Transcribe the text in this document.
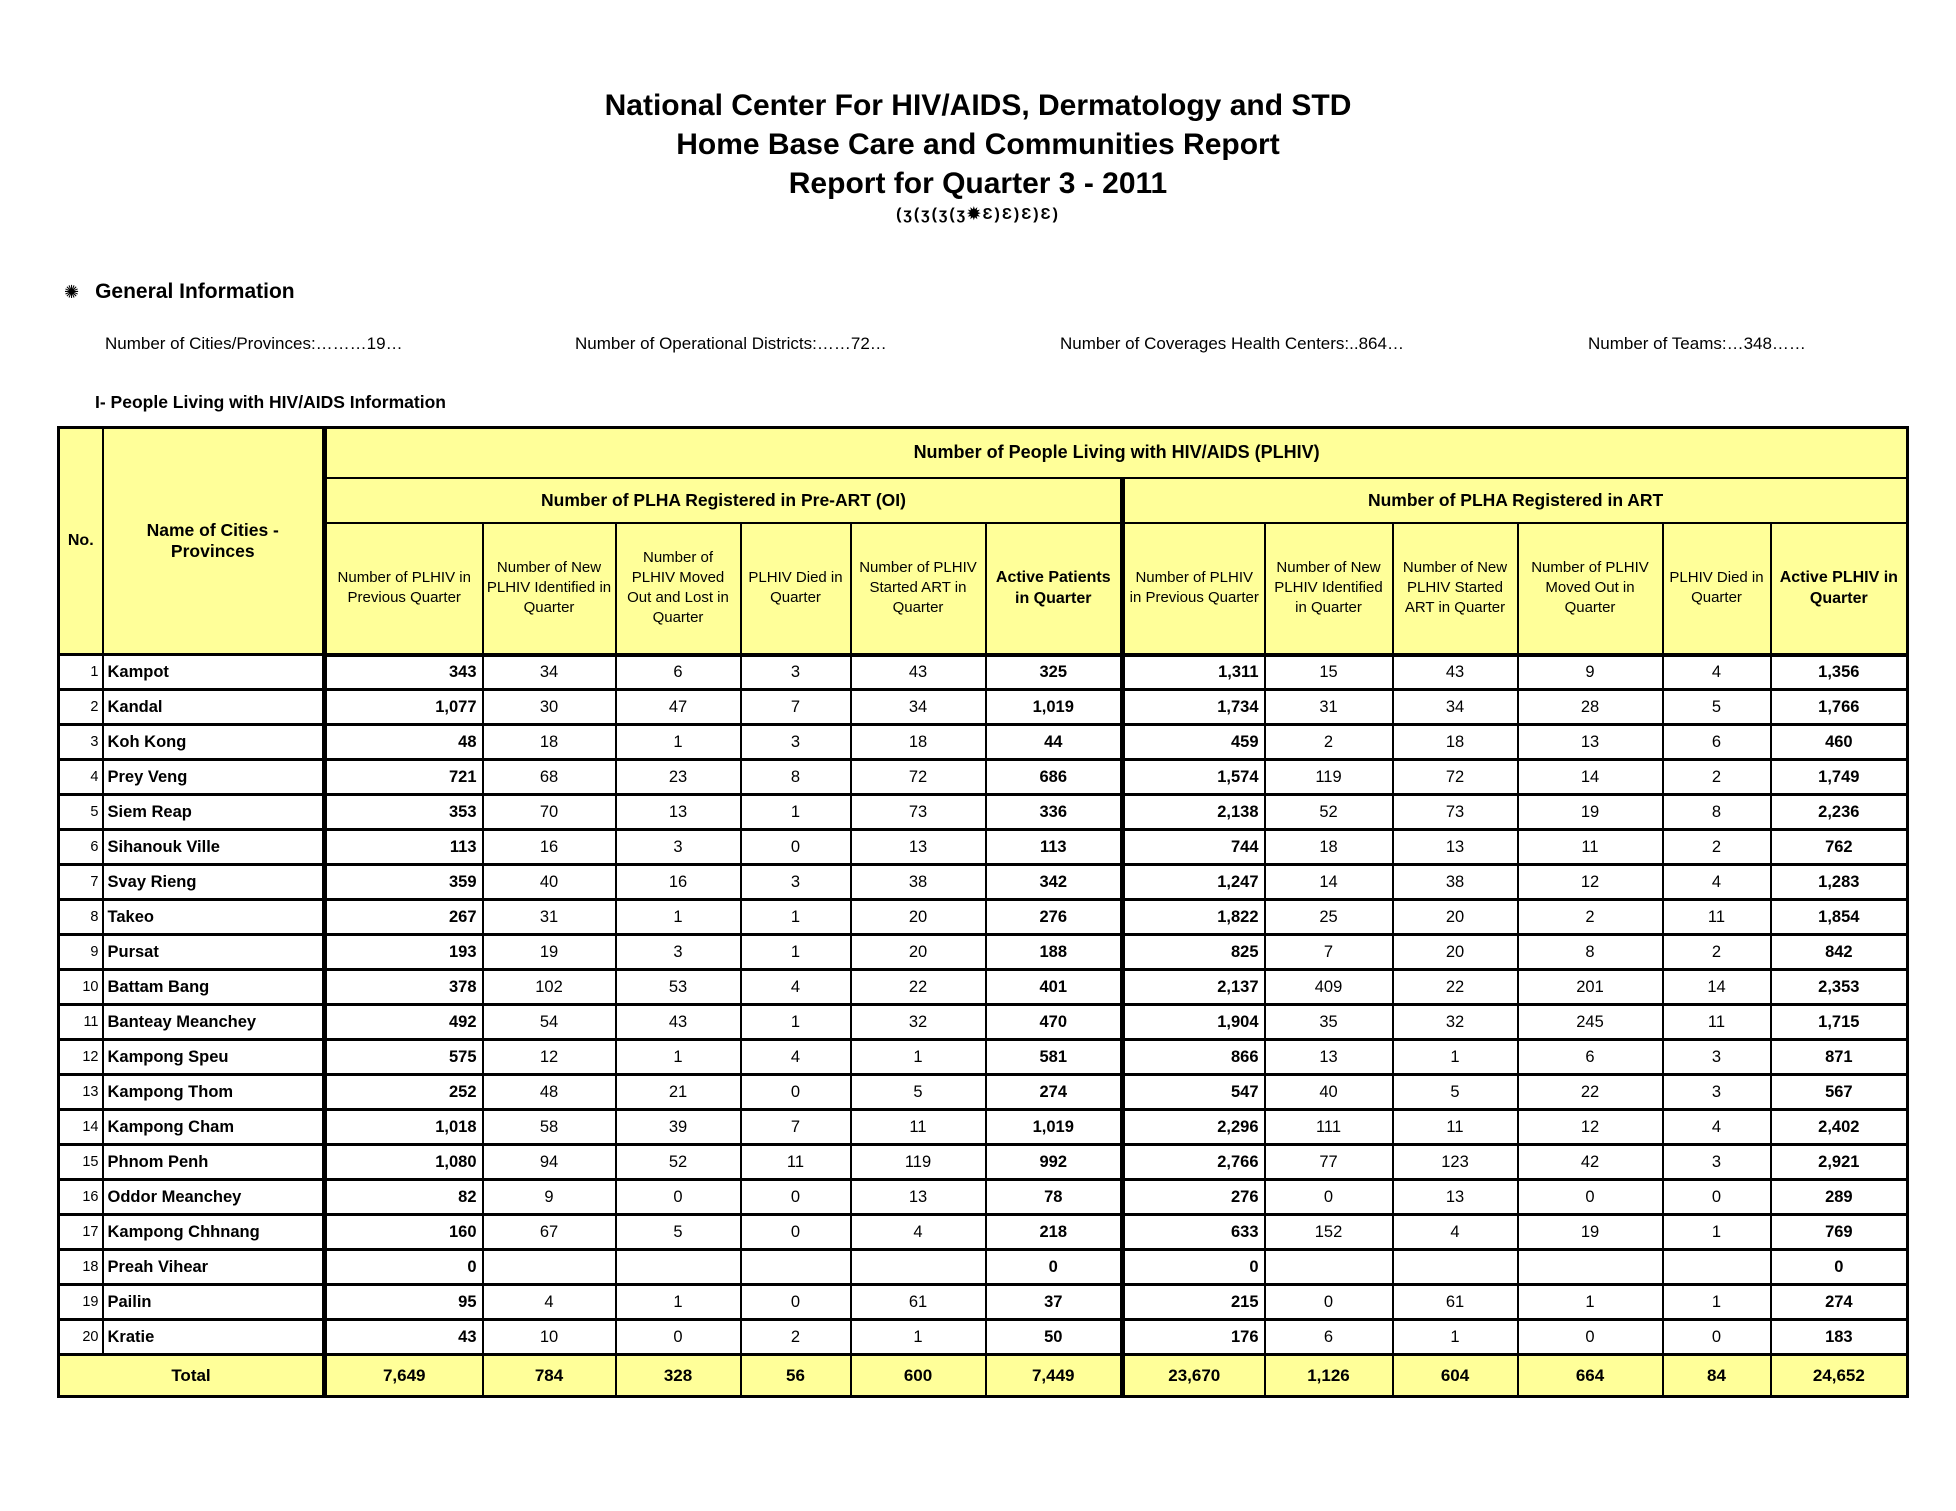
National Center For HIV/AIDS, Dermatology and STD
Home Base Care and Communities Report
Report for Quarter 3 - 2011
(ʒ(ʒ(ʒ(ʒ✹Ɛ)Ɛ)Ɛ)Ɛ)
✺ General Information
Number of Cities/Provinces:………19…	Number of Operational Districts:……72…	Number of Coverages Health Centers:..864…	Number of Teams:…348……
I- People Living with HIV/AIDS Information
No.	Name of Cities - Provinces	Number of People Living with HIV/AIDS (PLHIV)											
		Number of PLHA Registered in Pre-ART (OI)						Number of PLHA Registered in ART					
		Number of PLHIV in Previous Quarter	Number of New PLHIV Identified in Quarter	Number of PLHIV Moved Out and Lost in Quarter	PLHIV Died in Quarter	Number of PLHIV Started ART in Quarter	Active Patients in Quarter	Number of PLHIV in Previous Quarter	Number of New PLHIV Identified in Quarter	Number of New PLHIV Started ART in Quarter	Number of PLHIV Moved Out in Quarter	PLHIV Died in Quarter	Active PLHIV in Quarter
1	Kampot	343	34	6	3	43	325	1,311	15	43	9	4	1,356
2	Kandal	1,077	30	47	7	34	1,019	1,734	31	34	28	5	1,766
3	Koh Kong	48	18	1	3	18	44	459	2	18	13	6	460
4	Prey Veng	721	68	23	8	72	686	1,574	119	72	14	2	1,749
5	Siem Reap	353	70	13	1	73	336	2,138	52	73	19	8	2,236
6	Sihanouk Ville	113	16	3	0	13	113	744	18	13	11	2	762
7	Svay Rieng	359	40	16	3	38	342	1,247	14	38	12	4	1,283
8	Takeo	267	31	1	1	20	276	1,822	25	20	2	11	1,854
9	Pursat	193	19	3	1	20	188	825	7	20	8	2	842
10	Battam Bang	378	102	53	4	22	401	2,137	409	22	201	14	2,353
11	Banteay Meanchey	492	54	43	1	32	470	1,904	35	32	245	11	1,715
12	Kampong Speu	575	12	1	4	1	581	866	13	1	6	3	871
13	Kampong Thom	252	48	21	0	5	274	547	40	5	22	3	567
14	Kampong Cham	1,018	58	39	7	11	1,019	2,296	111	11	12	4	2,402
15	Phnom Penh	1,080	94	52	11	119	992	2,766	77	123	42	3	2,921
16	Oddor Meanchey	82	9	0	0	13	78	276	0	13	0	0	289
17	Kampong Chhnang	160	67	5	0	4	218	633	152	4	19	1	769
18	Preah Vihear	0					0	0					0
19	Pailin	95	4	1	0	61	37	215	0	61	1	1	274
20	Kratie	43	10	0	2	1	50	176	6	1	0	0	183
Total		7,649	784	328	56	600	7,449	23,670	1,126	604	664	84	24,652
